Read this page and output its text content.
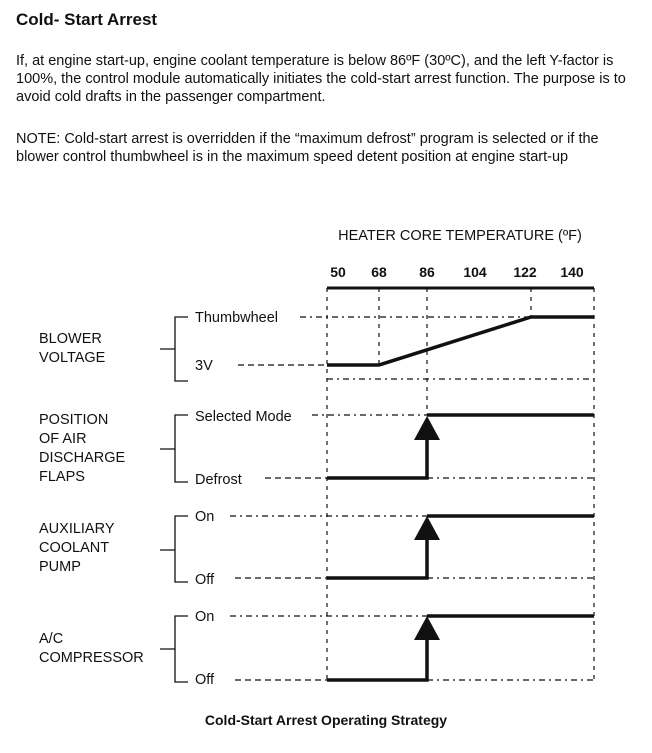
Cold- Start Arrest

If, at engine start-up, engine coolant temperature is below 86ºF (30ºC), and the left Y-factor is 100%, the control module automatically initiates the cold-start arrest function. The purpose is to avoid cold drafts in the passenger compartment.

NOTE: Cold-start arrest is overridden if the “maximum defrost” program is selected or if the blower control thumbwheel is in the maximum speed detent position at engine start-up

HEATER CORE TEMPERATURE (ºF)
50 68 86 104 122 140
BLOWER VOLTAGE
Thumbwheel
3V
POSITION OF AIR DISCHARGE FLAPS
Selected Mode
Defrost
AUXILIARY COOLANT PUMP
On
Off
A/C COMPRESSOR
On
Off

Cold-Start Arrest Operating Strategy
